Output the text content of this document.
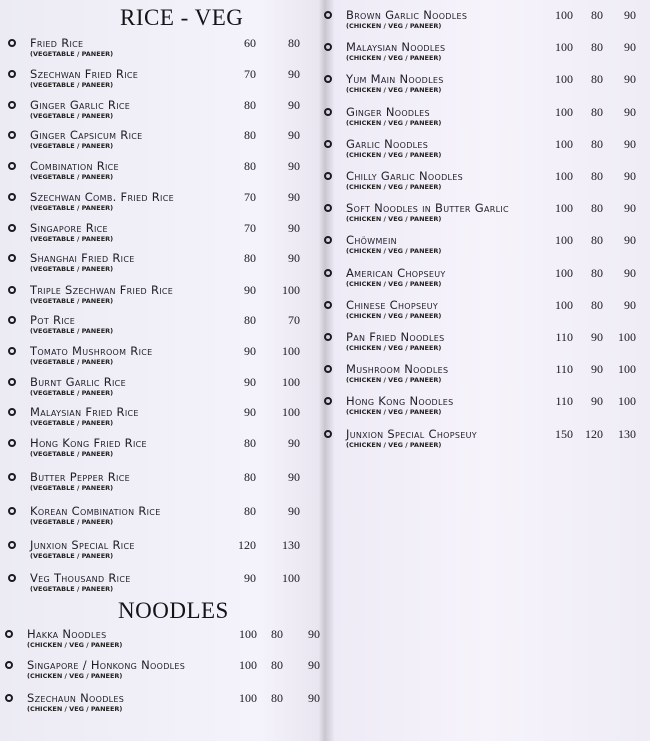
RICE - VEG
NOODLES
Fried Rice
(VEGETABLE / PANEER)
60	80
Szechwan Fried Rice
(VEGETABLE / PANEER)
70	90
Ginger Garlic Rice
(VEGETABLE / PANEER)
80	90
Ginger Capsicum Rice
(VEGETABLE / PANEER)
80	90
Combination Rice
(VEGETABLE / PANEER)
80	90
Szechwan Comb. Fried Rice
(VEGETABLE / PANEER)
70	90
Singapore Rice
(VEGETABLE / PANEER)
70	90
Shanghai Fried Rice
(VEGETABLE / PANEER)
80	90
Triple Szechwan Fried Rice
(VEGETABLE / PANEER)
90	100
Pot Rice
(VEGETABLE / PANEER)
80	70
Tomato Mushroom Rice
(VEGETABLE / PANEER)
90	100
Burnt Garlic Rice
(VEGETABLE / PANEER)
90	100
Malaysian Fried Rice
(VEGETABLE / PANEER)
90	100
Hong Kong Fried Rice
(VEGETABLE / PANEER)
80	90
Butter Pepper Rice
(VEGETABLE / PANEER)
80	90
Korean Combination Rice
(VEGETABLE / PANEER)
80	90
Junxion Special Rice
(VEGETABLE / PANEER)
120	130
Veg Thousand Rice
(VEGETABLE / PANEER)
90	100
Hakka Noodles
(CHICKEN / VEG / PANEER)
100	80	90
Singapore / Honkong Noodles
(CHICKEN / VEG / PANEER)
100	80	90
Szechaun Noodles
(CHICKEN / VEG / PANEER)
100	80	90
Brown Garlic Noodles
(CHICKEN / VEG / PANEER)
100	80	90
Malaysian Noodles
(CHICKEN / VEG / PANEER)
100	80	90
Yum Main Noodles
(CHICKEN / VEG / PANEER)
100	80	90
Ginger Noodles
(CHICKEN / VEG / PANEER)
100	80	90
Garlic Noodles
(CHICKEN / VEG / PANEER)
100	80	90
Chilly Garlic Noodles
(CHICKEN / VEG / PANEER)
100	80	90
Soft Noodles in Butter Garlic
(CHICKEN / VEG / PANEER)
100	80	90
Chöwmein
(CHICKEN / VEG / PANEER)
100	80	90
American Chopseuy
(CHICKEN / VEG / PANEER)
100	80	90
Chinese Chopseuy
(CHICKEN / VEG / PANEER)
100	80	90
Pan Fried Noodles
(CHICKEN / VEG / PANEER)
110	90	100
Mushroom Noodles
(CHICKEN / VEG / PANEER)
110	90	100
Hong Kong Noodles
(CHICKEN / VEG / PANEER)
110	90	100
Junxion Special Chopseuy
(CHICKEN / VEG / PANEER)
150	120	130
